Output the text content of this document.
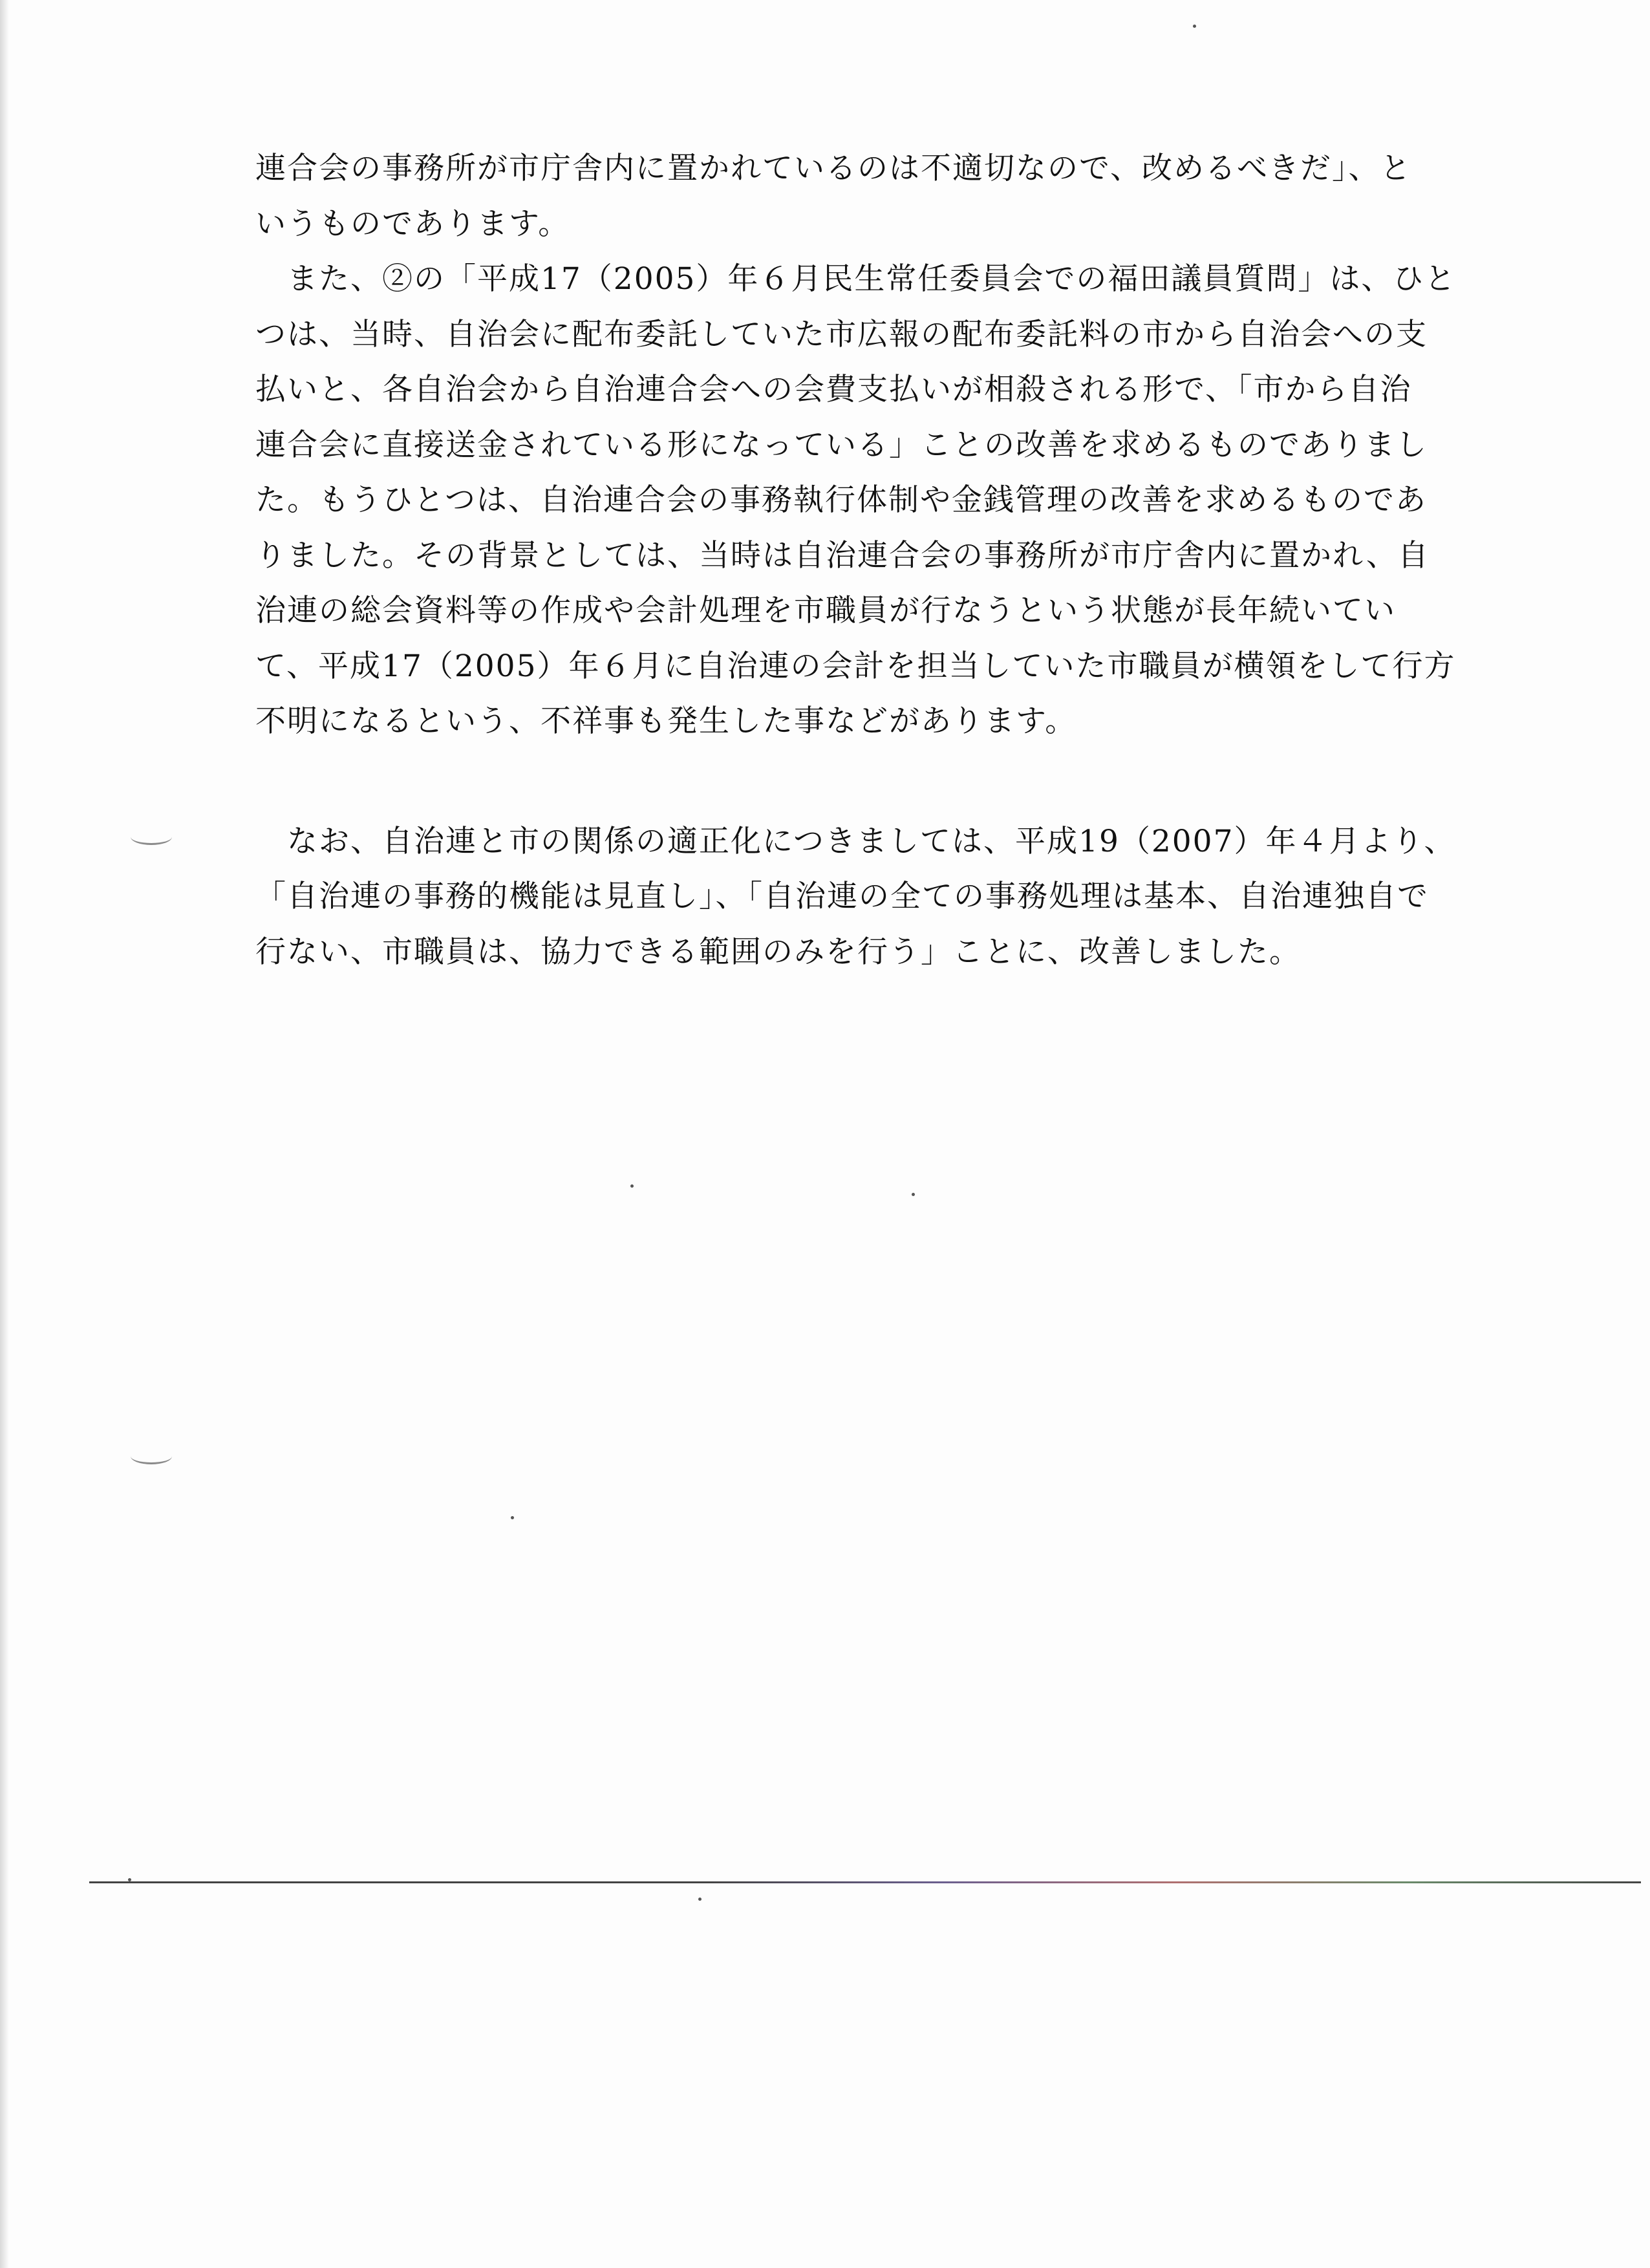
連合会の事務所が市庁舎内に置かれているのは不適切なので、改めるべきだ」、と
いうものであります。
　また、②の「平成17（2005）年６月民生常任委員会での福田議員質問」は、ひと
つは、当時、自治会に配布委託していた市広報の配布委託料の市から自治会への支
払いと、各自治会から自治連合会への会費支払いが相殺される形で、「市から自治
連合会に直接送金されている形になっている」ことの改善を求めるものでありまし
た。もうひとつは、自治連合会の事務執行体制や金銭管理の改善を求めるものであ
りました。その背景としては、当時は自治連合会の事務所が市庁舎内に置かれ、自
治連の総会資料等の作成や会計処理を市職員が行なうという状態が長年続いてい
て、平成17（2005）年６月に自治連の会計を担当していた市職員が横領をして行方
不明になるという、不祥事も発生した事などがあります。
　なお、自治連と市の関係の適正化につきましては、平成19（2007）年４月より、
「自治連の事務的機能は見直し」、「自治連の全ての事務処理は基本、自治連独自で
行ない、市職員は、協力できる範囲のみを行う」ことに、改善しました。
